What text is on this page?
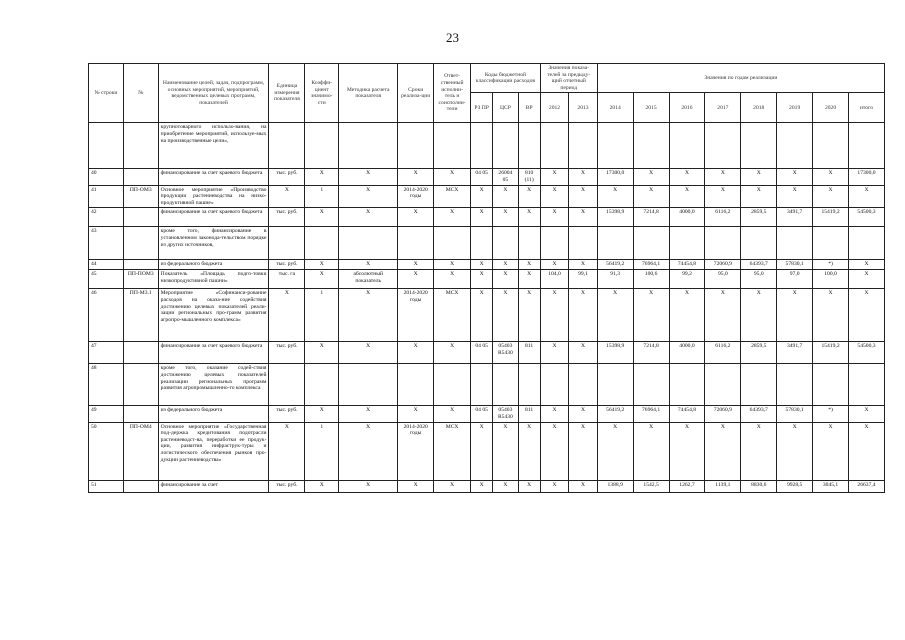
23
№ строки	№	Наименование целей, задач, подпрограмм, основных мероприятий, мероприятий, ведомственных целевых программ, показателей	Единица измерения показателя	Коэффи-циент значимо-сти	Методика расчета показателя	Сроки реализа-ции	Ответ-ственный исполни-тель и соисполни-тели	Коды бюджетной классификации расходов			Значения показа-телей за предыду-щий отчетный период		Значения по годам реализации							
								РЗ ПР	ЦСР	ВР	2012	2013	2014	2015	2016	2017	2018	2019	2020	итого
		крупнотоварного использо-вания, на приобретение мероприятий, используе-мых на производственные цели»,																		
40		финансирование за счет краевого бюджета	тыс. руб.	X	X	X	X	04 05	26004 05	810 (11)	X	X	17300,0	X	X	X	X	X	X	17300,0
41	ПП-ОМ3	Основное мероприятие «Производство продукции растениеводства на низко-продуктивной пашне»	X	1	X	2014-2020 годы	МСХ	X	X	X	X	X	X	X	X	X	X	X	X	X
42		финансирование за счет краевого бюджета	тыс. руб.	X	X	X	X	X	X	X	X	X	15398,9	7214,8	4000,0	6116,2	2859,5	3491,7	15419,2	54500,3
43		кроме того, финансирование в установленном законода-тельством порядке из других источников,																		
44		из федерального бюджета	тыс. руб.	X	X	X	X	X	X	X	X	X	56419,2	76964,1	74454,8	72060,9	64393,7	57830,1	*)	X
45	ПП-ПОМ3	Показатель «Площадь подго-товки низкопродуктивной пашни»	тыс. га	X	абсолютный показатель	X	X	X	X	X	104,0	99,1	91,3	100,6	99,2	95,0	95,0	97,0	100,0	X
46	ПП-М3.1	Мероприятие «Софинанси-рование расходов на оказа-ние содействия достижению целевых показателей реали-зации региональных про-грамм развития агропро-мышленного комплекса»	X	1	X	2014-2020 годы	МСХ	X	X	X	X	X	X	X	X	X	X	X	X	X
47		финансирование за счет краевого бюджета	тыс. руб.	X	X	X	X	04 05	05403 R5430	811	X	X	15398,9	7214,8	4000,0	6116,2	2859,5	3491,7	15419,2	54500,3
48		кроме того, оказание содей-ствия достижению целевых показателей реализации региональных программ развития агропромышленно-го комплекса																		
49		из федерального бюджета	тыс. руб.	X	X	X	X	04 05	05403 R5430	811	X	X	56419,2	76964,1	74454,8	72060,9	64393,7	57830,1	*)	X
50	ПП-ОМ4	Основное мероприятие «Государственная под-держка кредитования подотрасли растениеводст-ва, переработки ее продук-ции, развития инфраструк-туры и логистического обеспечения рынков про-дукции растениеводства»	X	1	X	2014-2020 годы	МСХ	X	X	X	X	X	X	X	X	X	X	X	X	X
51		финансирование за счет	тыс. руб.	X	X	X	X	X	X	X	X	X	1388,9	1542,5	1262,7	1139,1	8830,6	9928,5	3045,1	26637,4
